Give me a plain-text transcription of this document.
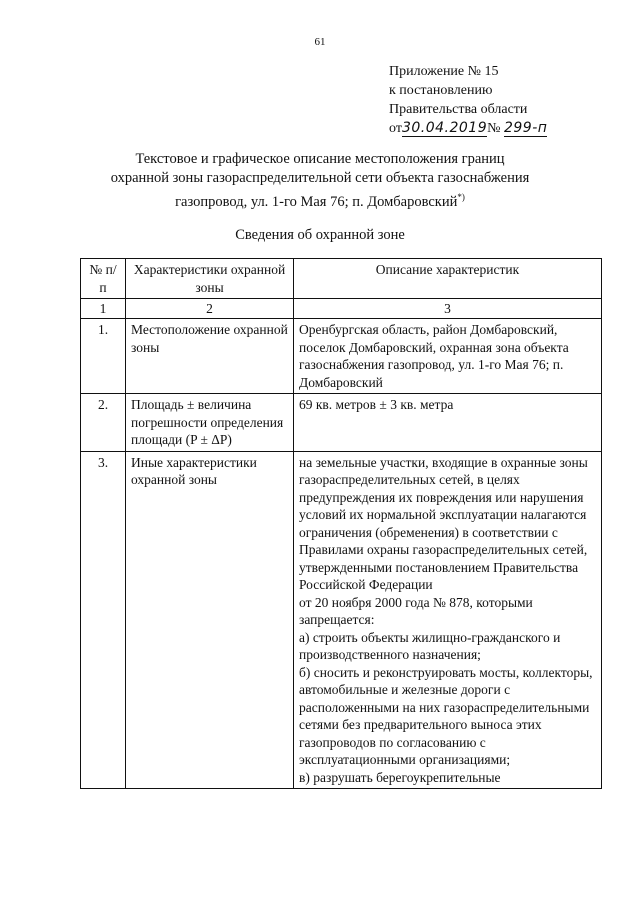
61
Приложение № 15
к постановлению
Правительства области
от30.04.2019№ 299-п
Текстовое и графическое описание местоположения границ
охранной зоны газораспределительной сети объекта газоснабжения
газопровод, ул. 1-го Мая 76; п. Домбаровский*)
Сведения об охранной зоне
№ п/п	Характеристики охранной зоны	Описание характеристик
1	2	3
1.	Местоположение охранной зоны	Оренбургская область, район Домбаровский, поселок Домбаровский, охранная зона объекта газоснабжения газопровод, ул. 1-го Мая 76; п. Домбаровский
2.	Площадь ± величина погрешности определения площади (P ± ΔP)	69 кв. метров ± 3 кв. метра
3.	Иные характеристики охранной зоны	на земельные участки, входящие в охранные зоны газораспределительных сетей, в целях предупреждения их повреждения или нарушения условий их нормальной эксплуатации налагаются ограничения (обременения) в соответствии с Правилами охраны газораспределительных сетей, утвержденными постановлением Правительства Российской Федерации
от 20 ноября 2000 года № 878, которыми запрещается:
а) строить объекты жилищно-гражданского и производственного назначения;
б) сносить и реконструировать мосты, коллекторы, автомобильные и железные дороги с расположенными на них газораспределительными сетями без предварительного выноса этих газопроводов по согласованию с эксплуатационными организациями;
в) разрушать берегоукрепительные
